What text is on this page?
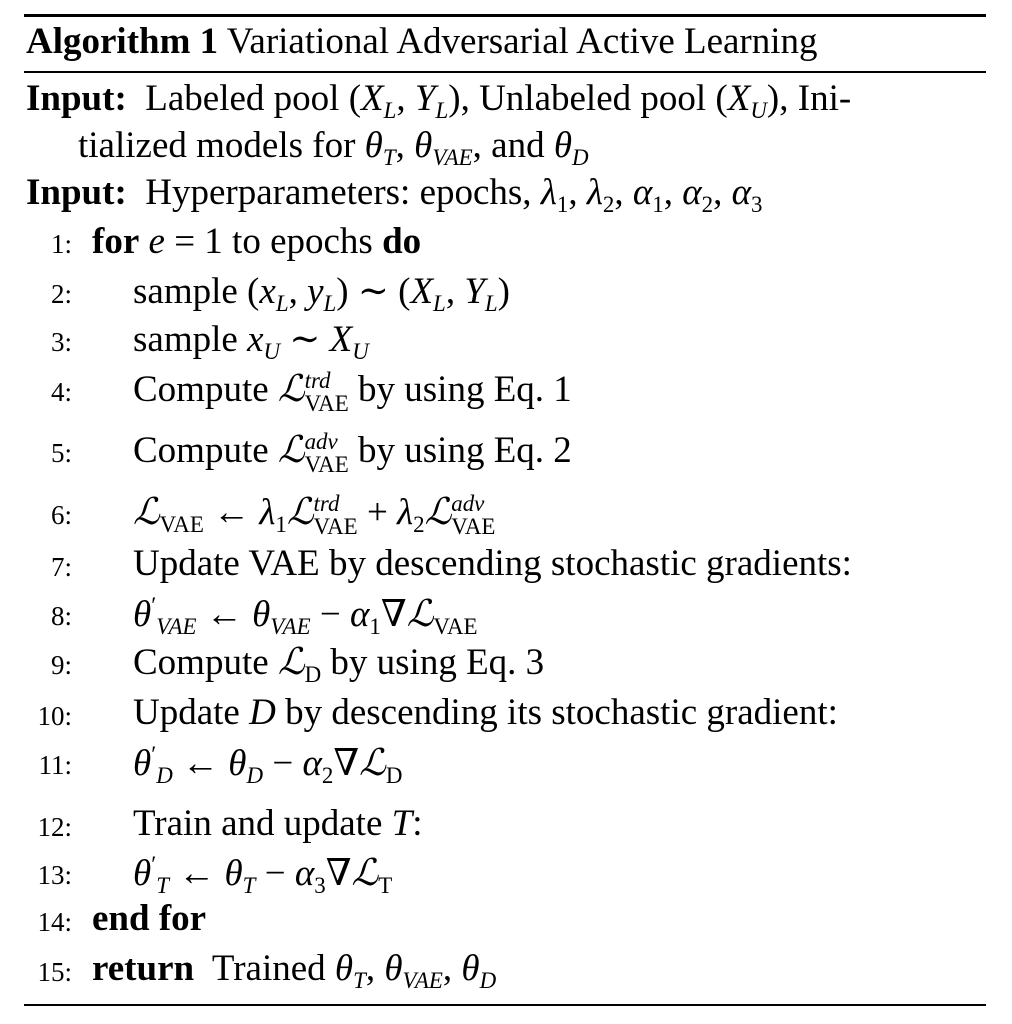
Algorithm 1 Variational Adversarial Active Learning
Input:  Labeled pool ($X_L$, $Y_L$), Unlabeled pool $(X_U)$, Ini-
tialized models for $\theta_T$, $\theta_{VAE}$, and $\theta_D$
Input:  Hyperparameters: epochs, $\lambda_1$, $\lambda_2$, $\alpha_1$, $\alpha_2$, $\alpha_3$
1: for e = 1 to epochs do
2: sample ($x_L$, $y_L$) ∼ ($X_L$, $Y_L$)
3: sample $x_U$ ∼ $X_U$
4: Compute ℒ trd
VAE by using Eq. 1
5: Compute ℒ adv
VAE by using Eq. 2
6: ℒ$_{VAE}$ ← $\lambda_1ℒ$ trd
VAE + $\lambda_2ℒ$ adv
VAE
7: Update VAE by descending stochastic gradients:
8: $\theta'_{VAE}$ ← $\theta_{VAE}$ − $\alpha_1\nabla ℒ_{VAE}$
9: Compute ℒ$_D$ by using Eq. 3
10: Update D by descending its stochastic gradient:
11: $\theta'_D$ ← $\theta_D$ − $\alpha_2\nabla ℒ_D$
12: Train and update T:
13: $\theta'_T$ ← $\theta_T$ − $\alpha_3\nabla ℒ_T$
14: end for
15: return  Trained $\theta_T$, $\theta_{VAE}$, $\theta_D$
